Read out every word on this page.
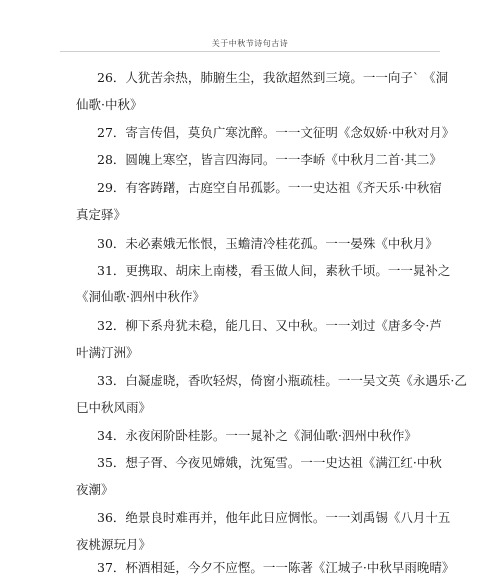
关于中秋节诗句古诗
26．人犹苦余热，肺腑生尘，我欲超然到三境。一一向子` 《洞
仙歌·中秋》
27．寄言传倡，莫负广寒沈醉。一一文征明《念奴娇·中秋对月》
28．圆魄上寒空，皆言四海同。一一李峤《中秋月二首·其二》
29．有客踌躇，古庭空自吊孤影。一一史达祖《齐天乐·中秋宿
真定驿》
30．未必素娥无怅恨，玉蟾清冷桂花孤。一一晏殊《中秋月》
31．更携取、胡床上南楼，看玉做人间，素秋千顷。一一晁补之
《洞仙歌·泗州中秋作》
32．柳下系舟犹未稳，能几日、又中秋。一一刘过《唐多令·芦
叶满汀洲》
33．白凝虚晓，香吹轻烬，倚窗小瓶疏桂。一一吴文英《永遇乐·乙
巳中秋风雨》
34．永夜闲阶卧桂影。一一晁补之《洞仙歌·泗州中秋作》
35．想子胥、今夜见嫦娥，沈冤雪。一一史达祖《满江红·中秋
夜潮》
36．绝景良时难再并，他年此日应惆怅。一一刘禹锡《八月十五
夜桃源玩月》
37．杯酒相延，今夕不应慳。一一陈著《江城子·中秋早雨晚晴》
